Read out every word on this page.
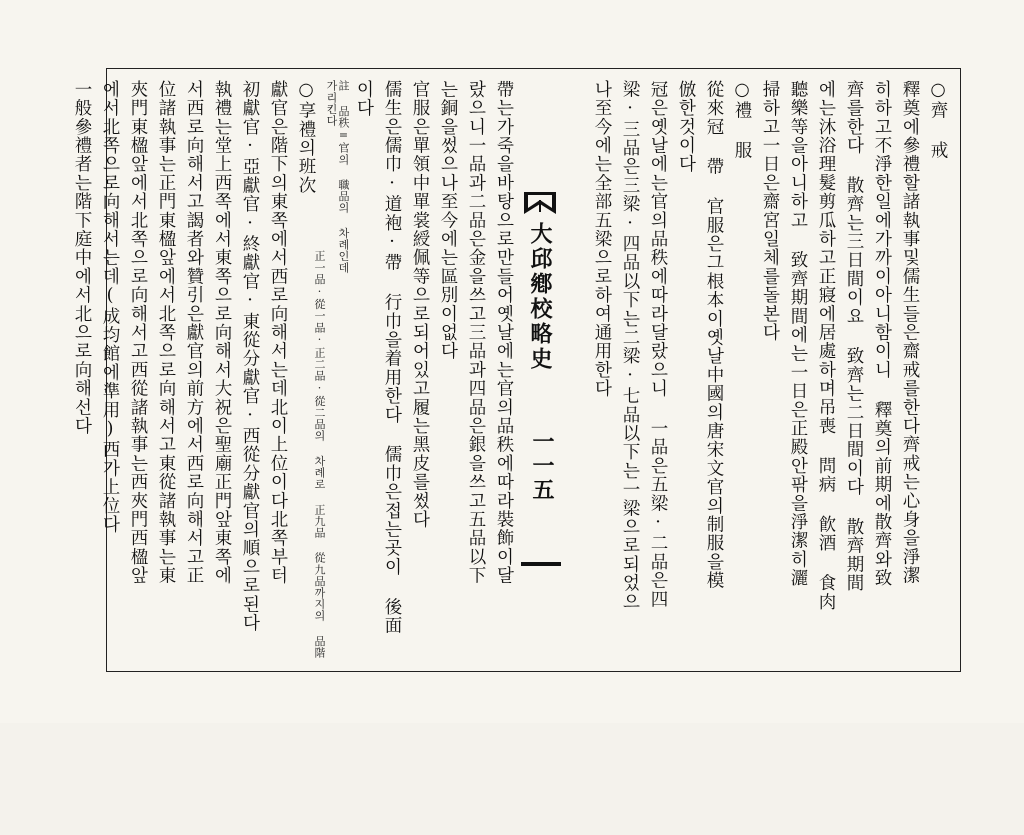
○齊 戒
釋奠에參禮할諸執事및儒生들은齋戒를한다齊戒는心身을淨潔
히하고不淨한일에가까이아니함이니 釋奠의前期에散齊와致
齊를한다 散齊는三日間이요 致齊는二日間이다 散齊期間
에는沐浴理髮剪瓜하고正寢에居處하며吊喪 問病 飮酒 食肉
聽樂等을아니하고 致齊期間에는一日은正殿안팎을淨潔히灑
掃하고一日은齋宮일체를돌본다
○禮 服
從來冠 帶 官服은그根本이옛날中國의唐宋文官의制服을模
倣한것이다
冠은옛날에는官의品秩에따라달랐으니 一品은五梁·二品은四
梁·三品은三梁·四品以下는二梁·七品以下는一梁으로되었으
나至今에는全部五梁으로하여通用한다
大邱鄕校略史
一一五
帶는가죽을바탕으로만들어옛날에는官의品秩에따라裝飾이달
랐으니一品과二品은金을쓰고三品과四品은銀을쓰고五品以下
는銅을썼으나至今에는區別이없다
官服은單領中單裳綬佩等으로되어있고履는黑皮를썼다
儒生은儒巾·道袍·帶 行巾을着用한다 儒巾은접는곳이 後面
이다
註 品秩=官의 職品의 차례인데
가리킨다
正一品·從一品·正二品·從二品의 차례로 正九品 從九品까지의 品階
○享禮의班次
獻官은階下의東쪽에서西로向해서는데北이上位이다北쪽부터
初獻官·亞獻官·終獻官·東從分獻官·西從分獻官의順으로된다
執禮는堂上西쪽에서東쪽으로向해서大祝은聖廟正門앞東쪽에
서西로向해서고謁者와贊引은獻官의前方에서西로向해서고正
位諸執事는正門東楹앞에서北쪽으로向해서고東從諸執事는東
夾門東楹앞에서北쪽으로向해서고西從諸執事는西夾門西楹앞
에서北쪽으로向해서는데(成均館에準用)西가上位다
一般參禮者는階下庭中에서北으로向해선다
